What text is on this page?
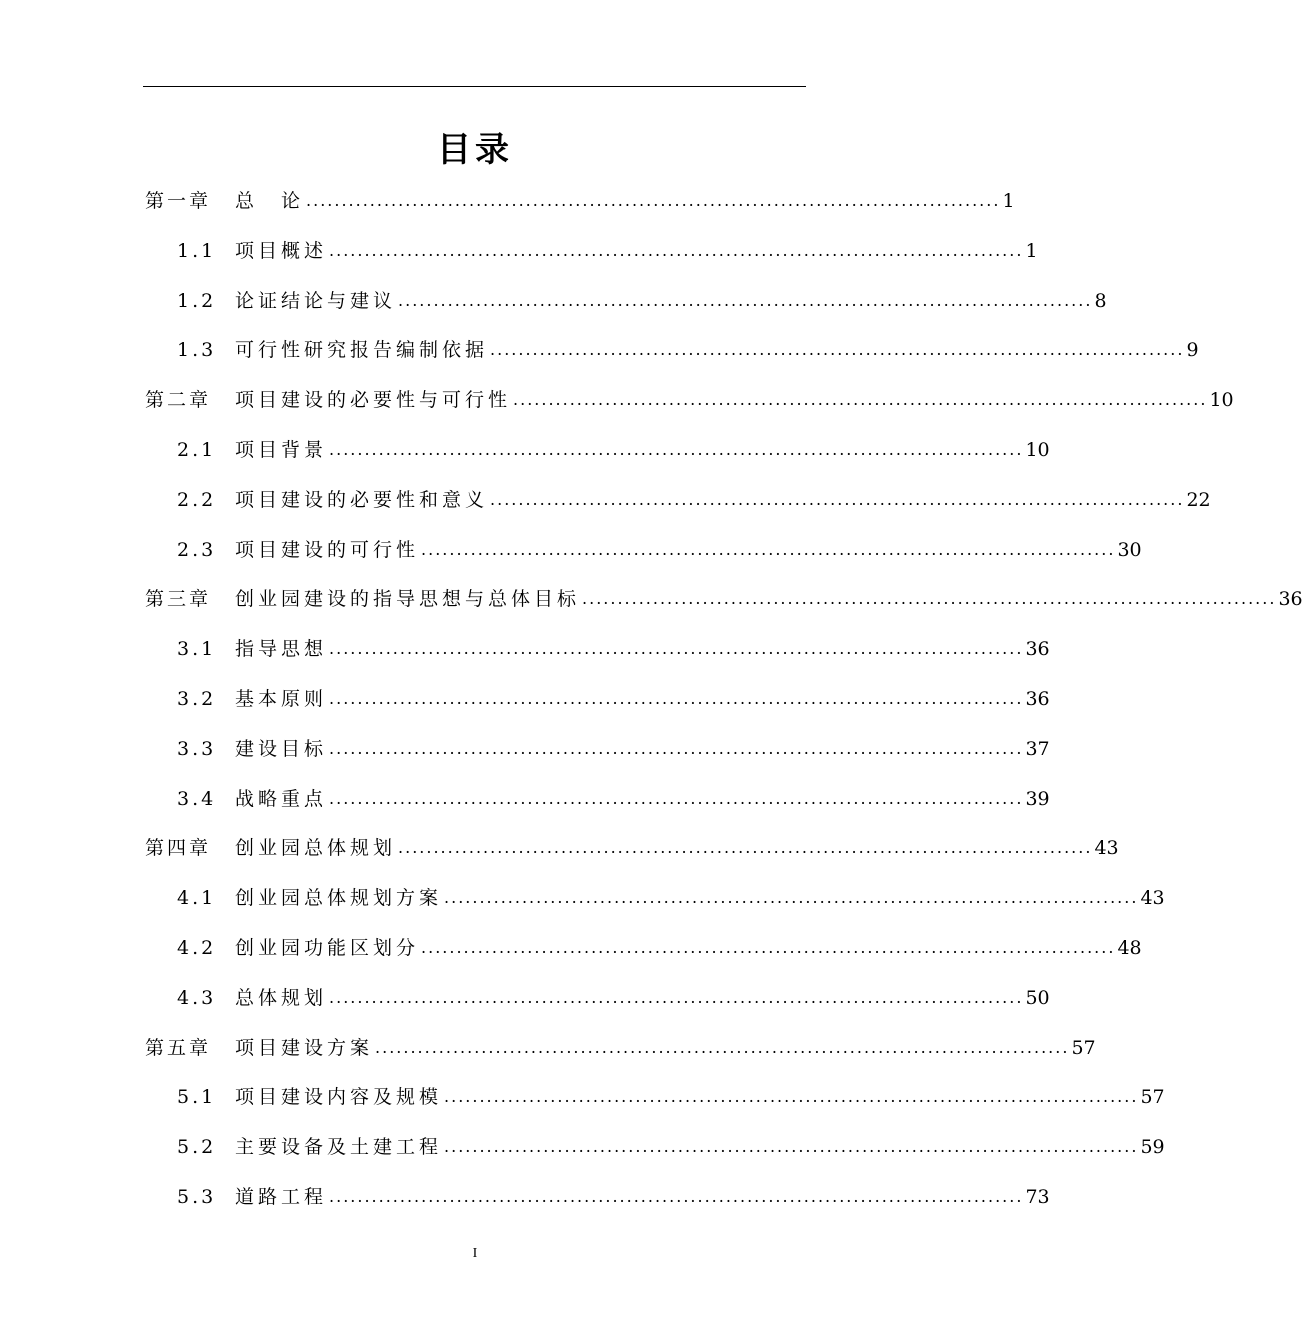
目录
第一章	总　论 .................................................................................................. 1
1.1 项目概述 .................................................................................................. 1
1.2 论证结论与建议 .................................................................................................. 8
1.3 可行性研究报告编制依据 .................................................................................................. 9
第二章	项目建设的必要性与可行性 .................................................................................................. 10
2.1 项目背景 .................................................................................................. 10
2.2 项目建设的必要性和意义 .................................................................................................. 22
2.3 项目建设的可行性 .................................................................................................. 30
第三章	创业园建设的指导思想与总体目标 .................................................................................................. 36
3.1 指导思想 .................................................................................................. 36
3.2 基本原则 .................................................................................................. 36
3.3 建设目标 .................................................................................................. 37
3.4 战略重点 .................................................................................................. 39
第四章	创业园总体规划 .................................................................................................. 43
4.1 创业园总体规划方案 .................................................................................................. 43
4.2 创业园功能区划分 .................................................................................................. 48
4.3 总体规划 .................................................................................................. 50
第五章	项目建设方案 .................................................................................................. 57
5.1 项目建设内容及规模 .................................................................................................. 57
5.2 主要设备及土建工程 .................................................................................................. 59
5.3 道路工程 .................................................................................................. 73
I
